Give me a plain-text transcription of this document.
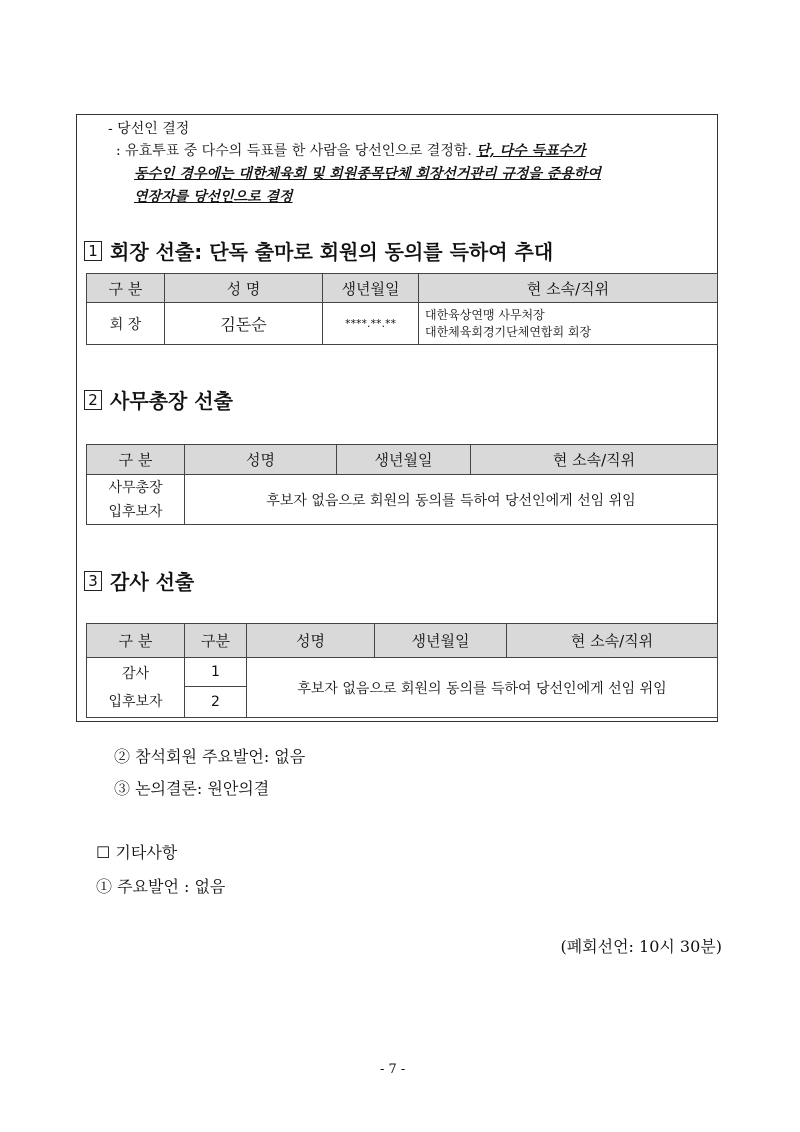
- 당선인 결정
: 유효투표 중 다수의 득표를 한 사람을 당선인으로 결정함. 단, 다수 득표수가
동수인 경우에는 대한체육회 및 회원종목단체 회장선거관리 규정을 준용하여
연장자를 당선인으로 결정
1 회장 선출: 단독 출마로 회원의 동의를 득하여 추대
구 분	성 명	생년월일	현 소속/직위
회 장	김돈순	****.**.**	대한육상연맹 사무처장
대한체육회경기단체연합회 회장
2 사무총장 선출
구 분	성명	생년월일	현 소속/직위

사무총장
입후보자	후보자 없음으로 회원의 동의를 득하여 당선인에게 선임 위임		
3 감사 선출
구 분	구분	성명	생년월일	현 소속/직위

감사
입후보자	1	후보자 없음으로 회원의 동의를 득하여 당선인에게 선임 위임		
	2			
② 참석회원 주요발언: 없음
③ 논의결론: 원안의결
☐ 기타사항
① 주요발언 : 없음
(폐회선언: 10시 30분)
- 7 -
